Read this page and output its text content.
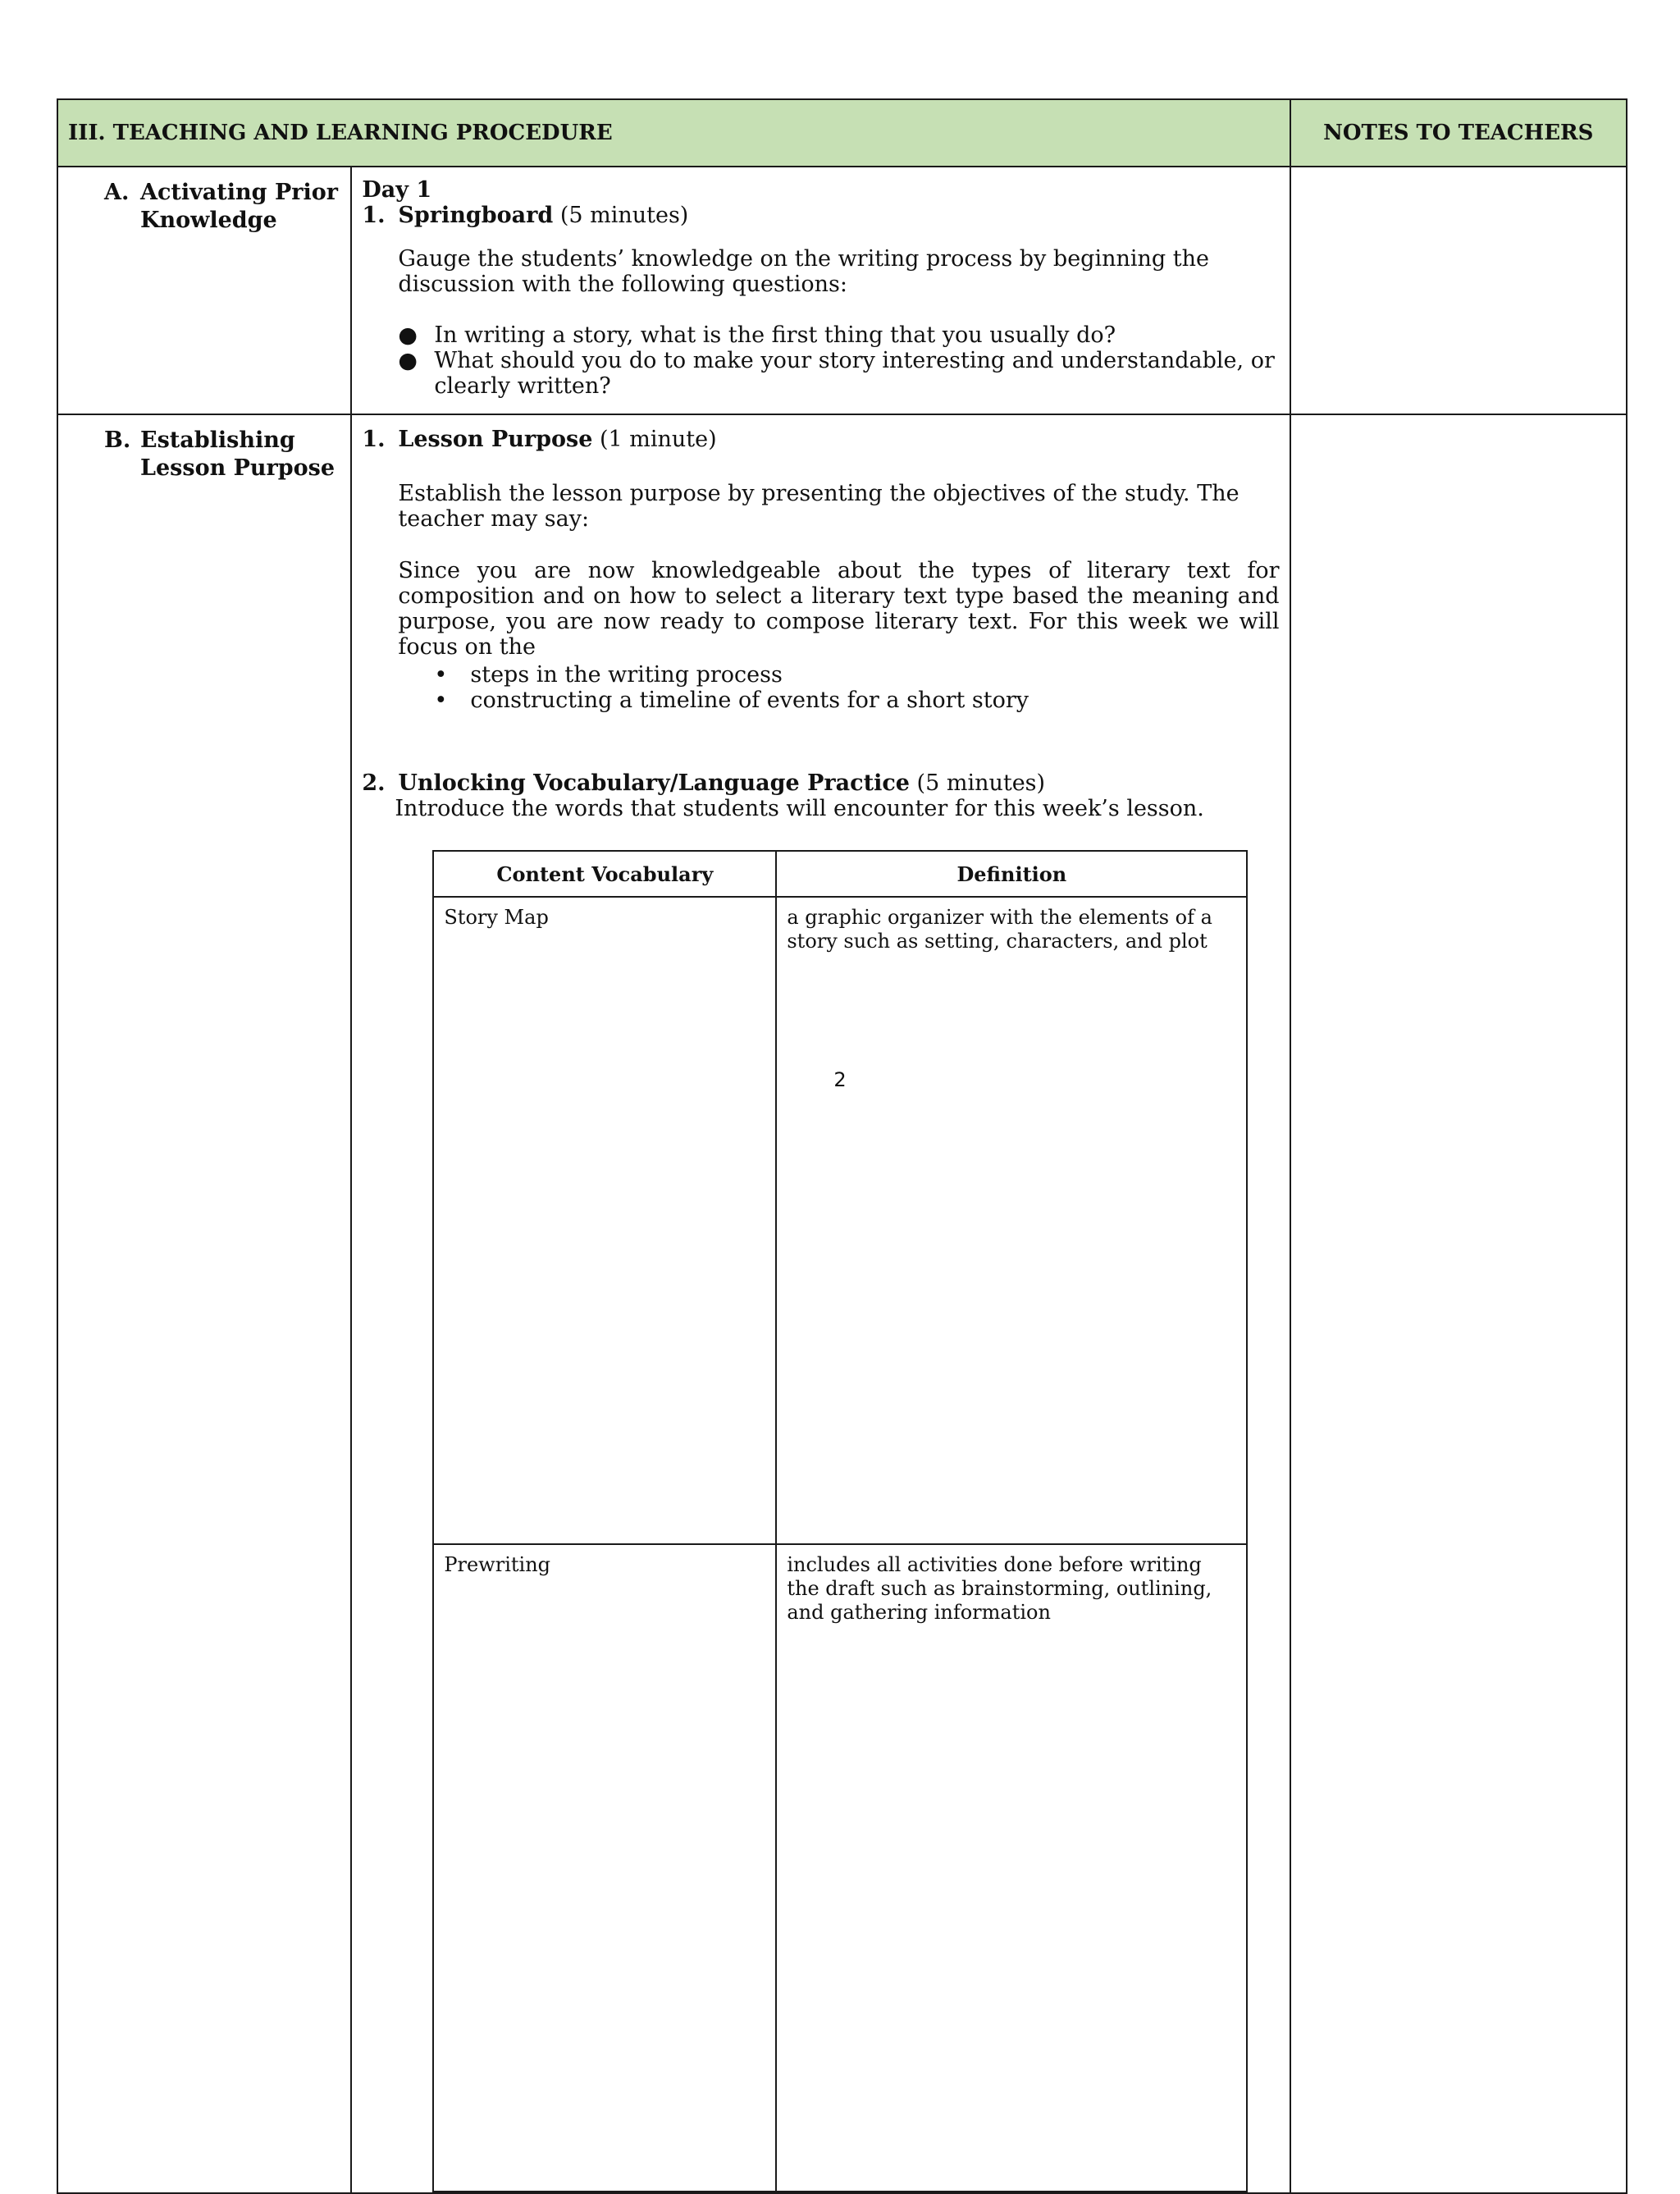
III. TEACHING AND LEARNING PROCEDURE	NOTES TO TEACHERS

A. Activating Prior Knowledge

Day 1
1. Springboard (5 minutes)
Gauge the students’ knowledge on the writing process by beginning the discussion with the following questions:
● In writing a story, what is the first thing that you usually do?
● What should you do to make your story interesting and understandable, or clearly written?

B. Establishing Lesson Purpose

1. Lesson Purpose (1 minute)
Establish the lesson purpose by presenting the objectives of the study. The teacher may say:
Since you are now knowledgeable about the types of literary text for composition and on how to select a literary text type based the meaning and purpose, you are now ready to compose literary text. For this week we will focus on the
•	steps in the writing process
•	constructing a timeline of events for a short story
2. Unlocking Vocabulary/Language Practice (5 minutes)
Introduce the words that students will encounter for this week’s lesson.
Content Vocabulary	Definition
Story Map	a graphic organizer with the elements of a story such as setting, characters, and plot
Prewriting	includes all activities done before writing the draft such as brainstorming, outlining, and gathering information

2
